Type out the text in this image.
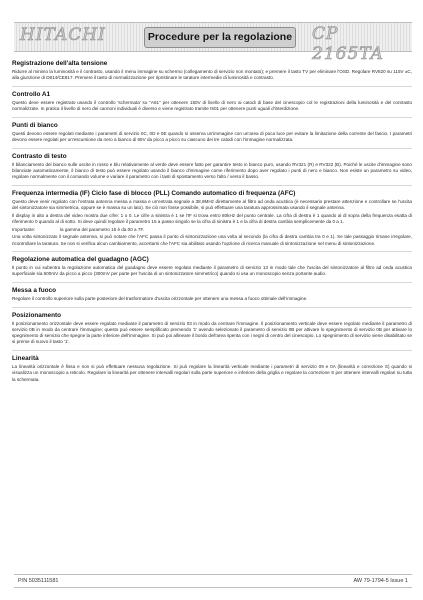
HITACHI	Procedure per la regolazione CP 2165TA
Registrazione dell'alta tensione

Ridurre al minimo la luminosità e il contrasto, usando il menu immagine su schermo (collegamento di servizio non montato); e premere il tasto TV per eliminare l'OSD. Regolare RV820 su 115V ±C, alla giunzione di D814/CE817. Premere il tasto di normalizzazione per ripristinare le tarature intermedie di luminosità e contrasto.

Controllo A1

Questo deve essere registrato usando il controllo 'schermata' su "A61" per ottenere 150V di livello di nero ai catodi di base del cinescopio col le registrazioni della luminosità e del contrasto normalizzate. In pratica il livello di nero dei cannoni individuali è diverso e viene registrato tramite I501 per ottenere punti uguali d'interdizione.

Punti di bianco

Questi devono essere regolati mediante i parametri di servizio 0C, 0D e 0E quando si osserva un'immagine con un'area di poca luce per evitare la limitazione della corrente del fascio. I parametri devono essere regolati per un'escursione da nero a bianco di 65V da picco a picco su ciascuno dei tre catodi con l'immagine normalizzata.

Contrasto di testo

Il bilanciamento del bianco sulle uscite in rosso e blu relativamente al verde deve essere fatto per garantire testo in bianco puro, usando RV321 (R) e RV322 (B). Poiché le uscite d'immagine sono bilanciate automaticamente, il bianco di testo può essere regolato usando il bianco d'immagine come riferimento dopo aver regolato i punti di nero e bianco. Non esiste un parametro su video, regolare normalmente con il comando volume e variare il parametro con i tasti di spostamento verso l'alto / verso il basso.

Frequenza intermedia (IF) Ciclo fase di blocco (PLL) Comando automatico di frequenza (AFC)

Questo deve venir regolato con l'entrata antenna messa a massa e un'entrata segnale a 38,9MHz direttamente al filtro ad onda acustica (è necessario prestare attenzione e controllare se l'uscita del sintonizzatore sia simmetrica, oppure se è massa su un lato). Se ciò non fosse possibile, si può effettuare una taratura approssimata usando il segnale antenna.

Il display in alto a destra del video mostra due cifre: 1 o 0. Le cifre a sinistra è 1 se l'IF si trova entro 80kHz del punto centrale. La cifra di destra è 1 quando al di sopra della frequenza esatta di riferimento 0 quando al di sotto. Si deve quindi regolare il parametro 15 a passo singolo se la cifra di sinistra è 1 e la cifra di destra cambia semplicemente da 0 a 1.

Importante:	la gamma del parametro 15 è da 00 a 7F.

Una volta sintonizzato il segnale antenna, si può notare che l'AFC passa il punto di sintonizzazione una volta al secondo (la cifra di destra cambia tra 0 e 1). Se tale passaggio rimane irregolare, ricontrollare la taratura. Se non si verifica alcun cambiamento, accertarsi che l'AFC sia abilitato usando l'opzione di ricerca manuale di sintonizzazione nel menu di sintonizzazione.

Regolazione automatica del guadagno (AGC)

Il punto in cui subentra la regolazione automatica del guadagno deve essere regolato mediante il parametro di servizio 13 in modo tale che l'uscita del sintonizzatore al filtro ad onda acustica superficiale sia 600mV da picco a picco (300mV per parte per l'uscita di un sintonizzatore simmetrico) quando si usa un monoscopio senza portante audio.

Messa a fuoco

Regolare il controllo superiore sulla parte posteriore del trasformatore d'uscita orizzontale per ottenere una messa a fuoco ottimale dell'immagine.

Posizionamento

Il posizionamento orizzontale deve essere regolato mediante il parametro di servizio 03 in modo da centrare l'immagine. Il posizionamento verticale deve essere regolato mediante il parametro di servizio 0B in modo da centrare l'immagine; questo può essere semplificato premendo '1' avendo selezionato il parametro di servizio 0B per attivare lo spegnimento di servizio 0B per attivare lo spegnimento di servizio che spegne la parte inferiore dell'immagine. Si può poi allineare il bordo dell'area spenta con i segni di centro del cinescopio. Lo spegnimento di servizio viene disabilitato se si preme di nuovo il tasto '1'.

Linearità

La linearità orizzontale è fissa e non si può effettuare nessuna regolazione. Si può regolare la linearità verticale mediante i parametri di servizio 09 e 0A (linearità e correzione S) quando si visualizza un monoscopio a reticolo. Regolare la linearità per ottenere intervalli regolari sulla parte superiore e inferiore della griglia e regolare la correzione S per ottenere intervalli regolari su tutta la schermata.

P/N 5035111581	AW 79-1794-5 Issue 1
